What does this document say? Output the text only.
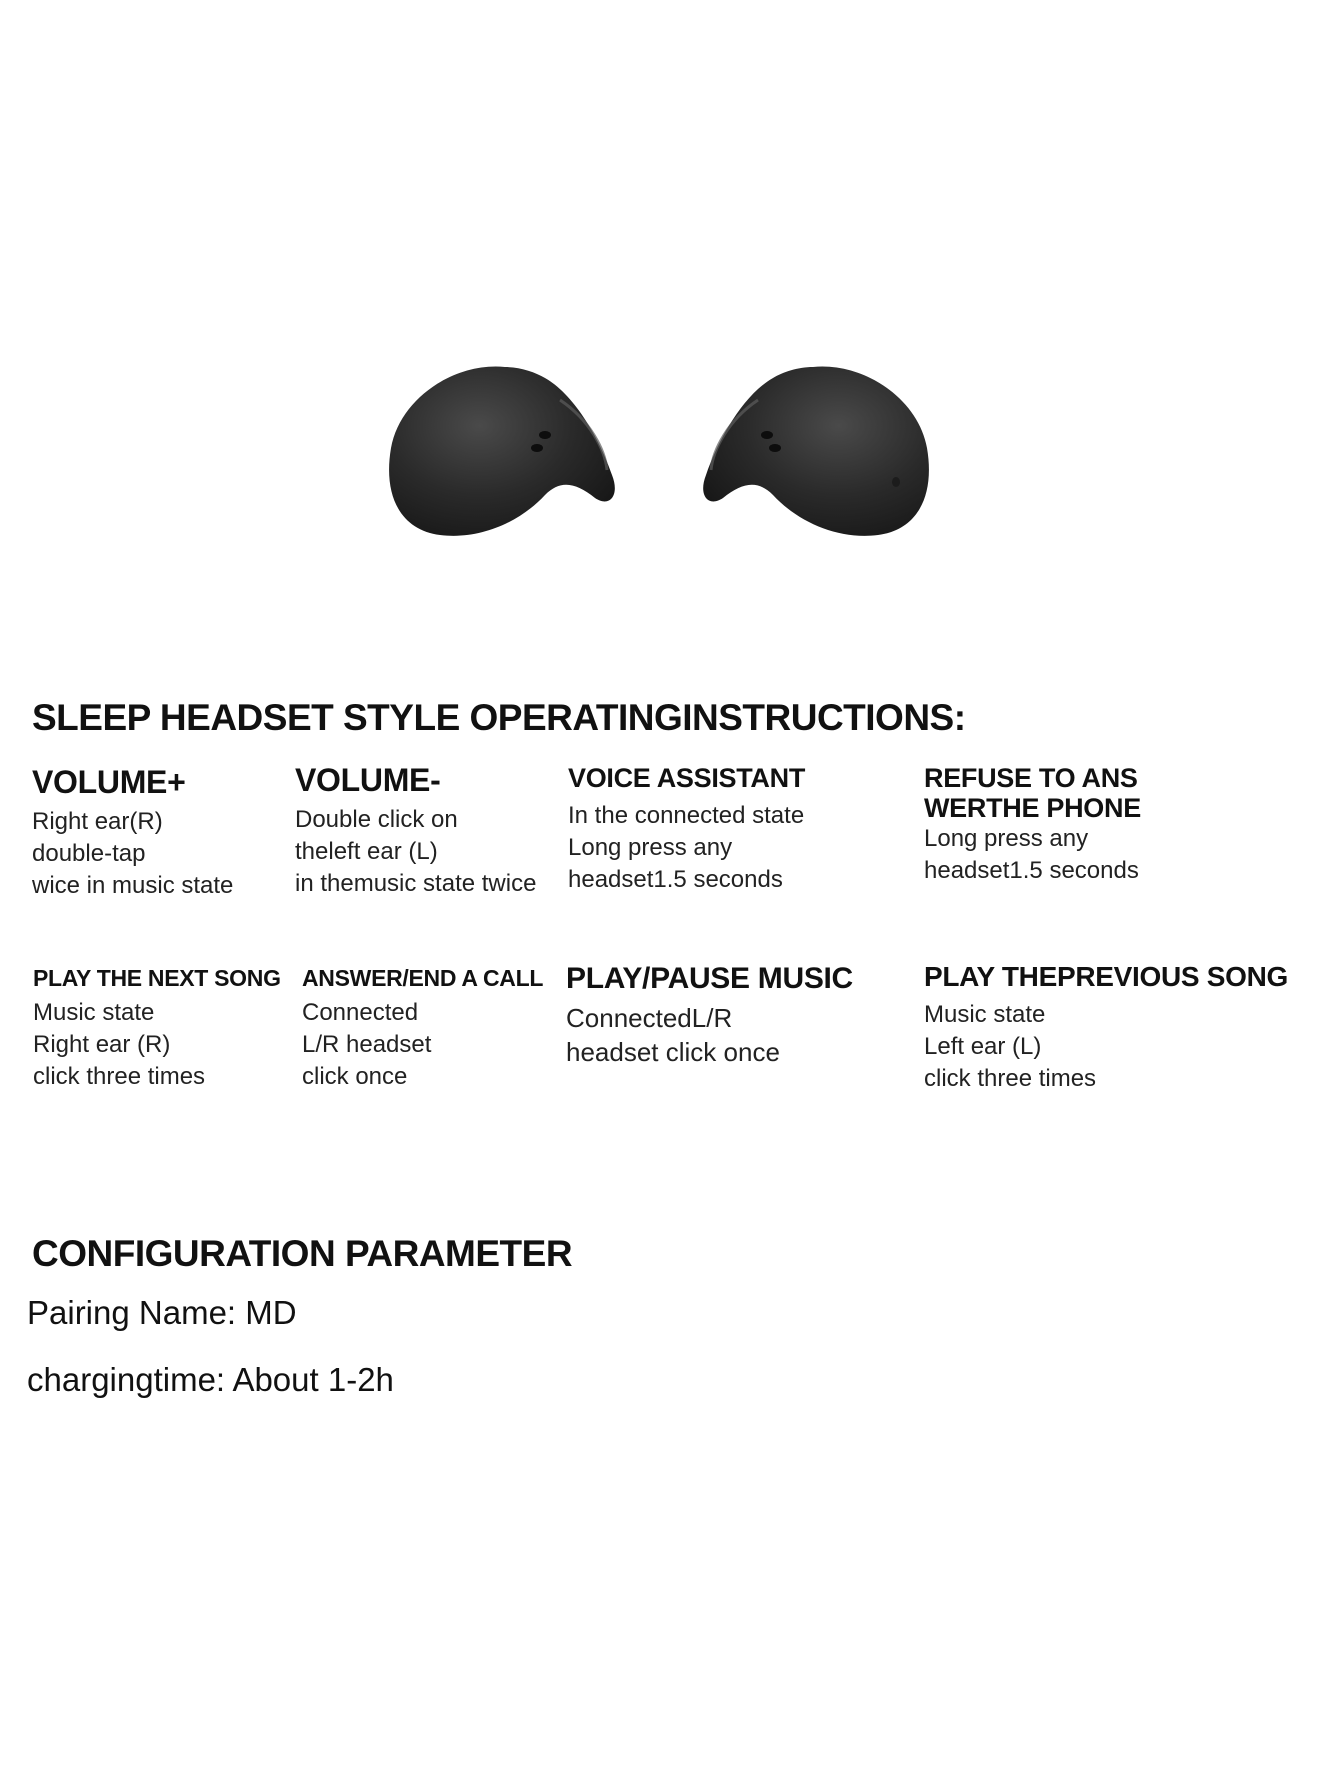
SLEEP HEADSET STYLE OPERATINGINSTRUCTIONS:
VOLUME+
Right ear(R)
double-tap
wice in music state
VOLUME-
Double click on
theleft ear (L)
in themusic state twice
VOICE ASSISTANT
In the connected state
Long press any
headset1.5 seconds
REFUSE TO ANS
WERTHE PHONE
Long press any
headset1.5 seconds
PLAY THE NEXT SONG
Music state
Right ear (R)
click three times
ANSWER/END A CALL
Connected
L/R headset
click once
PLAY/PAUSE MUSIC
ConnectedL/R
headset click once
PLAY THEPREVIOUS SONG
Music state
Left ear (L)
click three times
CONFIGURATION PARAMETER
Pairing Name: MD
chargingtime: About 1-2h
